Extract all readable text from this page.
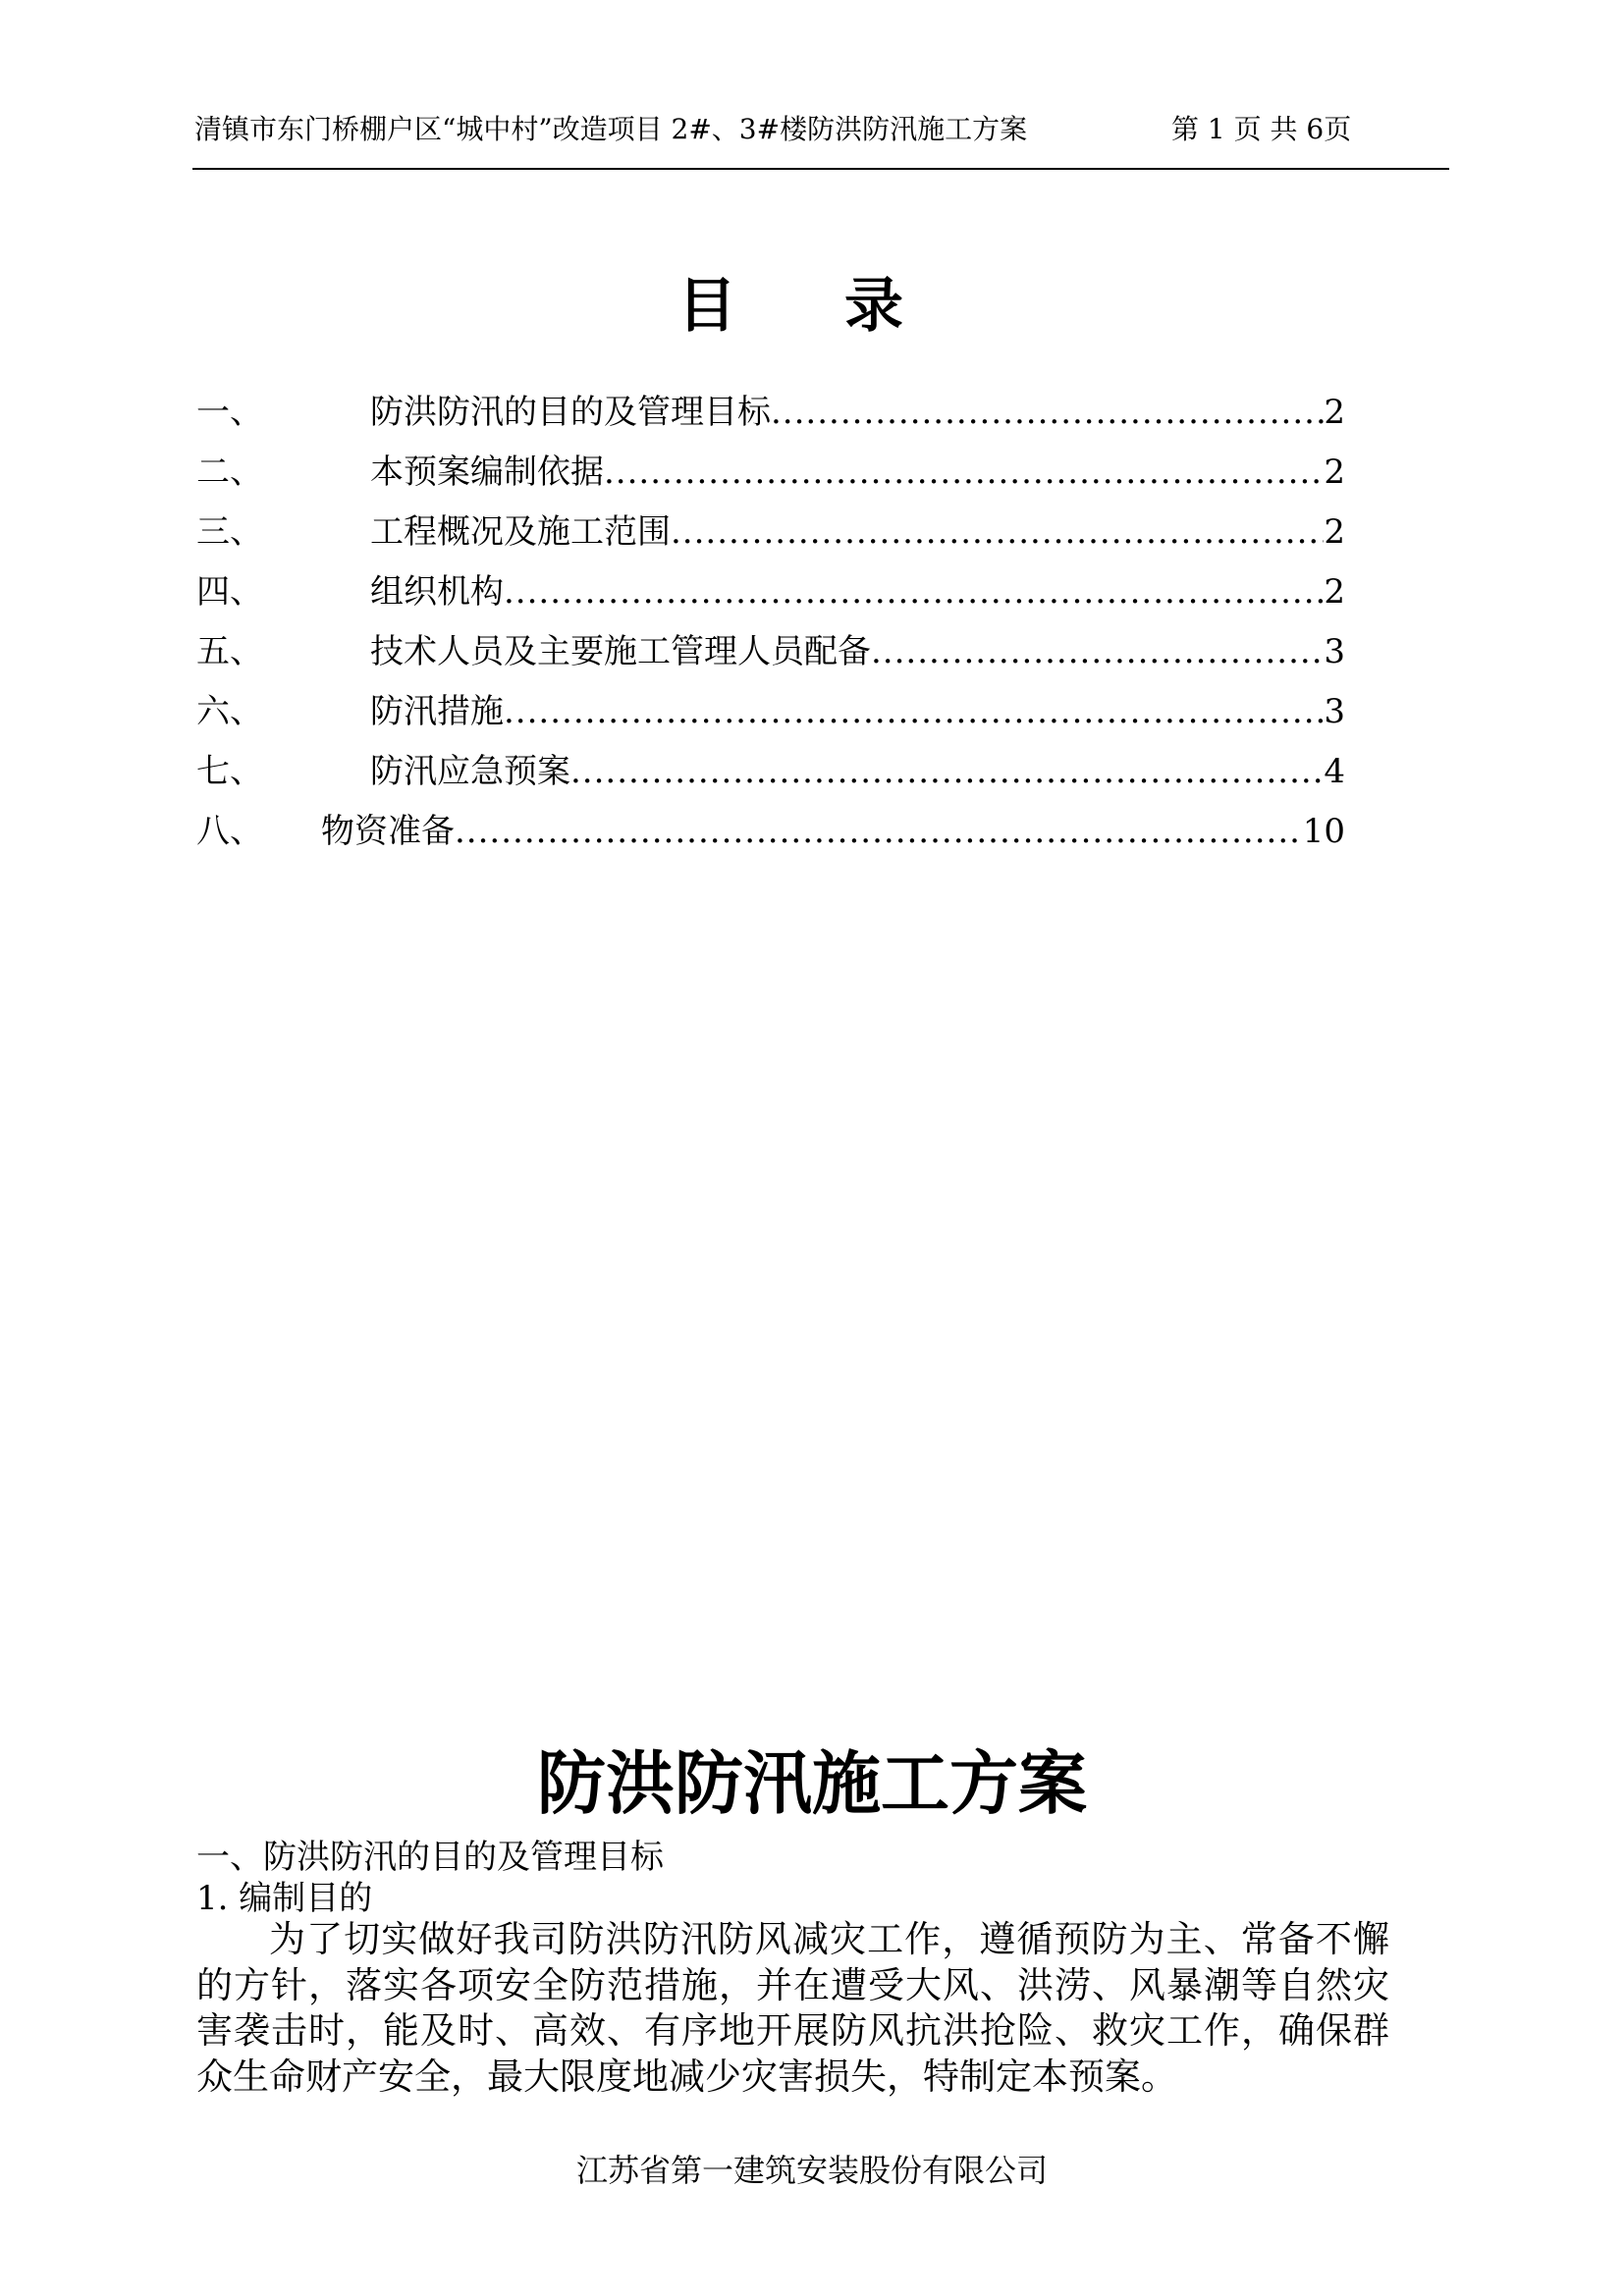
清镇市东门桥棚户区“城中村”改造项目 2#、3#楼防洪防汛施工方案	第 1 页 共 6页
目录
一、	防洪防汛的目的及管理目标 .....	2
二、	本预案编制依据 .....	2
三、	工程概况及施工范围 .....	2
四、	组织机构 .....	2
五、	技术人员及主要施工管理人员配备 .....	3
六、	防汛措施 .....	3
七、	防汛应急预案 .....	4
八、 物资准备 .....	10
防洪防汛施工方案
一、防洪防汛的目的及管理目标
1. 编制目的
为了切实做好我司防洪防汛防风减灾工作，遵循预防为主、常备不懈的方针，落实各项安全防范措施，并在遭受大风、洪涝、风暴潮等自然灾害袭击时，能及时、高效、有序地开展防风抗洪抢险、救灾工作，确保群众生命财产安全，最大限度地减少灾害损失，特制定本预案。
江苏省第一建筑安装股份有限公司
